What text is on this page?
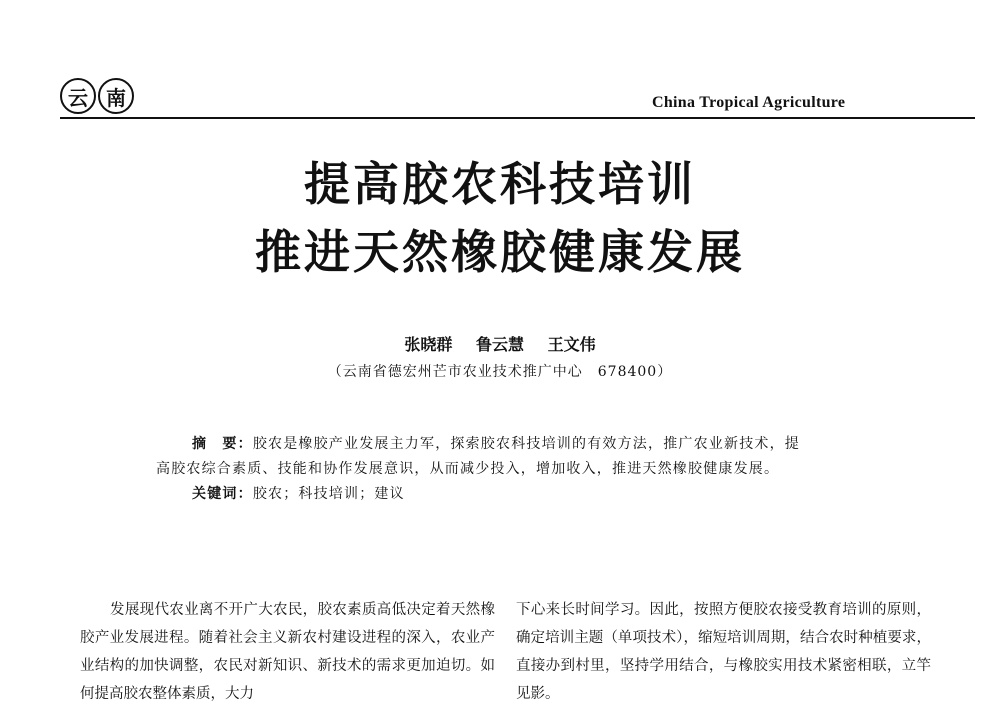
云 南	China Tropical Agriculture
提高胶农科技培训
推进天然橡胶健康发展
张晓群 鲁云慧 王文伟
（云南省德宏州芒市农业技术推广中心　678400）
摘　要：胶农是橡胶产业发展主力军，探索胶农科技培训的有效方法，推广农业新技术，提高胶农综合素质、技能和协作发展意识，从而减少投入，增加收入，推进天然橡胶健康发展。
关键词：胶农；科技培训；建议
发展现代农业离不开广大农民，胶农素质高低决定着天然橡胶产业发展进程。随着社会主义新农村建设进程的深入，农业产业结构的加快调整，农民对新知识、新技术的需求更加迫切。如何提高胶农整体素质，大力
下心来长时间学习。因此，按照方便胶农接受教育培训的原则，确定培训主题（单项技术），缩短培训周期，结合农时种植要求，直接办到村里，坚持学用结合，与橡胶实用技术紧密相联，立竿见影。
